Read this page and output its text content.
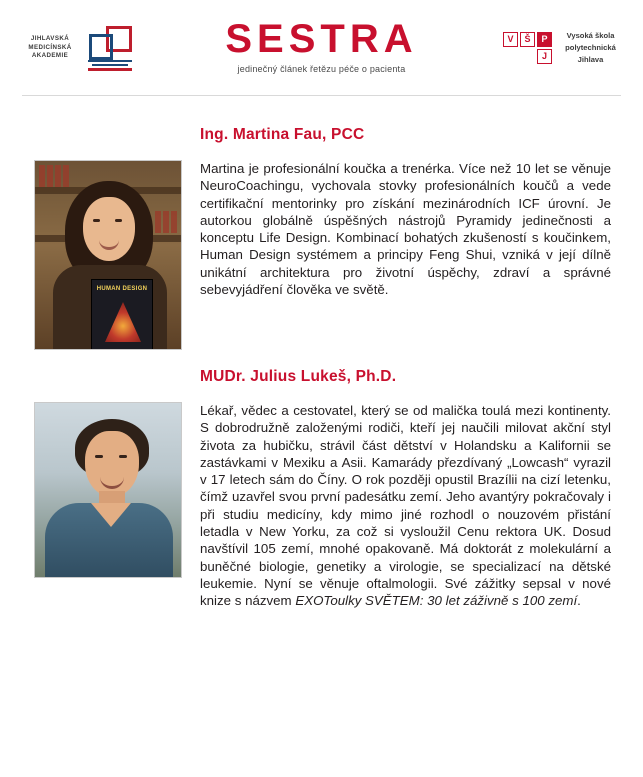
JIHLAVSKÁ
MEDICÍNSKÁ
AKADEMIE	SESTRA
jedinečný článek řetězu péče o pacienta
V	Š	P
J
Vysoká škola
polytechnická
Jihlava
Ing. Martina Fau, PCC
HUMAN DESIGN

Martina je profesionální koučka a trenérka. Více než 10 let se věnuje NeuroCoachingu, vychovala stovky profesionálních koučů a vede certifikační mentorinky pro získání mezinárodních ICF úrovní. Je autorkou globálně úspěšných nástrojů Pyramidy jedinečnosti a konceptu Life Design. Kombinací bohatých zkušeností s koučinkem, Human Design systémem a principy Feng Shui, vzniká v její dílně unikátní architektura pro životní úspěchy, zdraví a správné sebevyjádření člověka ve světě.

MUDr. Julius Lukeš, Ph.D.

Lékař, vědec a cestovatel, který se od malička toulá mezi kontinenty. S dobrodružně založenými rodiči, kteří jej naučili milovat akční styl života za hubičku, strávil část dětství v Holandsku a Kalifornii se zastávkami v Mexiku a Asii. Kamarády přezdívaný „Lowcash“ vyrazil v 17 letech sám do Číny. O rok později opustil Brazílii na cizí letenku, čímž uzavřel svou první padesátku zemí. Jeho avantýry pokračovaly i při studiu medicíny, kdy mimo jiné rozhodl o nouzovém přistání letadla v New Yorku, za což si vysloužil Cenu rektora UK. Dosud navštívil 105 zemí, mnohé opakovaně. Má doktorát z molekulární a buněčné biologie, genetiky a virologie, se specializací na dětské leukemie. Nyní se věnuje oftalmologii. Své zážitky sepsal v nové knize s názvem EXOToulky SVĚTEM: 30 let záživně s 100 zemí.
